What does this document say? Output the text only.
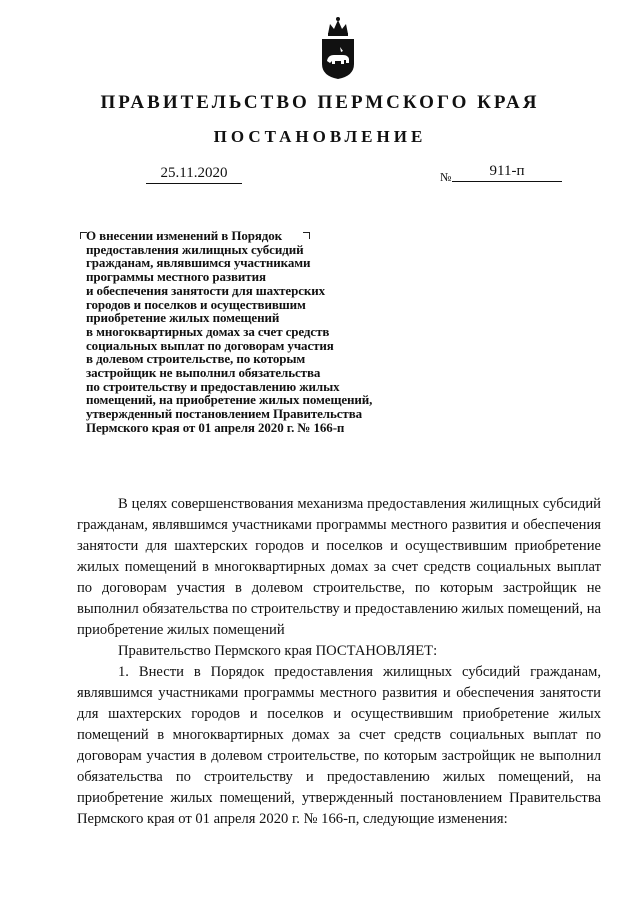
ПРАВИТЕЛЬСТВО ПЕРМСКОГО КРАЯ
ПОСТАНОВЛЕНИЕ
25.11.2020	№	911-п
О внесении изменений в Порядок
предоставления жилищных субсидий
гражданам, являвшимся участниками
программы местного развития
и обеспечения занятости для шахтерских
городов и поселков и осуществившим
приобретение жилых помещений
в многоквартирных домах за счет средств
социальных выплат по договорам участия
в долевом строительстве, по которым
застройщик не выполнил обязательства
по строительству и предоставлению жилых
помещений, на приобретение жилых помещений,
утвержденный постановлением Правительства
Пермского края от 01 апреля 2020 г. № 166-п

В целях совершенствования механизма предоставления жилищных субсидий гражданам, являвшимся участниками программы местного развития и обеспечения занятости для шахтерских городов и поселков и осуществившим приобретение жилых помещений в многоквартирных домах за счет средств социальных выплат по договорам участия в долевом строительстве, по которым застройщик не выполнил обязательства по строительству и предоставлению жилых помещений, на приобретение жилых помещений

Правительство Пермского края ПОСТАНОВЛЯЕТ:

1. Внести в Порядок предоставления жилищных субсидий гражданам, являвшимся участниками программы местного развития и обеспечения занятости для шахтерских городов и поселков и осуществившим приобретение жилых помещений в многоквартирных домах за счет средств социальных выплат по договорам участия в долевом строительстве, по которым застройщик не выполнил обязательства по строительству и предоставлению жилых помещений, на приобретение жилых помещений, утвержденный постановлением Правительства Пермского края от 01 апреля 2020 г. № 166-п, следующие изменения:
